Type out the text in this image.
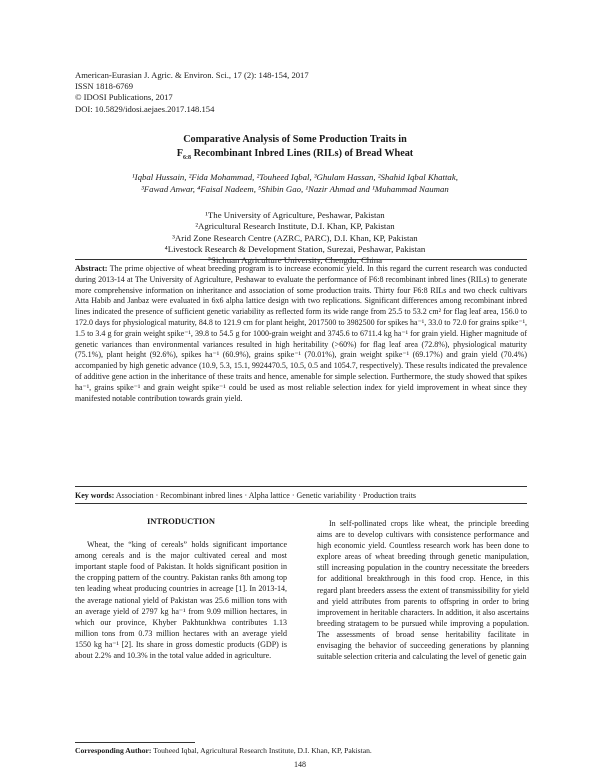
American-Eurasian J. Agric. & Environ. Sci., 17 (2): 148-154, 2017
ISSN 1818-6769
© IDOSI Publications, 2017
DOI: 10.5829/idosi.aejaes.2017.148.154
Comparative Analysis of Some Production Traits in
$F_{6:8}$ Recombinant Inbred Lines (RILs) of Bread Wheat
¹Iqbal Hussain, ²Fida Mohammad, ²Touheed Iqbal, ³Ghulam Hassan, ²Shahid Iqbal Khattak,
³Fawad Anwar, ⁴Faisal Nadeem, ⁵Shibin Gao, ¹Nazir Ahmad and ¹Muhammad Nauman
¹The University of Agriculture, Peshawar, Pakistan
²Agricultural Research Institute, D.I. Khan, KP, Pakistan
³Arid Zone Research Centre (AZRC, PARC), D.I. Khan, KP, Pakistan
⁴Livestock Research & Development Station, Surezai, Peshawar, Pakistan
⁵Sichuan Agriculture University, Chengdu, China
Abstract: The prime objective of wheat breeding program is to increase economic yield. In this regard the current research was conducted during 2013-14 at The University of Agriculture, Peshawar to evaluate the performance of F6:8 recombinant inbred lines (RILs) to generate more comprehensive information on inheritance and association of some production traits. Thirty four F6:8 RILs and two check cultivars Atta Habib and Janbaz were evaluated in 6x6 alpha lattice design with two replications. Significant differences among recombinant inbred lines indicated the presence of sufficient genetic variability as reflected form its wide range from 25.5 to 53.2 cm² for flag leaf area, 156.0 to 172.0 days for physiological maturity, 84.8 to 121.9 cm for plant height, 2017500 to 3982500 for spikes ha⁻¹, 33.0 to 72.0 for grains spike⁻¹, 1.5 to 3.4 g for grain weight spike⁻¹, 39.8 to 54.5 g for 1000-grain weight and 3745.6 to 6711.4 kg ha⁻¹ for grain yield. Higher magnitude of genetic variances than environmental variances resulted in high heritability (>60%) for flag leaf area (72.8%), physiological maturity (75.1%), plant height (92.6%), spikes ha⁻¹ (60.9%), grains spike⁻¹ (70.01%), grain weight spike⁻¹ (69.17%) and grain yield (70.4%) accompanied by high genetic advance (10.9, 5.3, 15.1, 9924470.5, 10.5, 0.5 and 1054.7, respectively). These results indicated the prevalence of additive gene action in the inheritance of these traits and hence, amenable for simple selection. Furthermore, the study showed that spikes ha⁻¹, grains spike⁻¹ and grain weight spike⁻¹ could be used as most reliable selection index for yield improvement in wheat since they manifested notable contribution towards grain yield.
Key words: Association · Recombinant inbred lines · Alpha lattice · Genetic variability · Production traits
INTRODUCTION
Wheat, the “king of cereals” holds significant importance among cereals and is the major cultivated cereal and most important staple food of Pakistan. It holds significant position in the cropping pattern of the country. Pakistan ranks 8th among top ten leading wheat producing countries in acreage [1]. In 2013-14, the average national yield of Pakistan was 25.6 million tons with an average yield of 2797 kg ha⁻¹ from 9.09 million hectares, in which our province, Khyber Pakhtunkhwa contributes 1.13 million tons from 0.73 million hectares with an average yield 1550 kg ha⁻¹ [2]. Its share in gross domestic products (GDP) is about 2.2% and 10.3% in the total value added in agriculture.
In self-pollinated crops like wheat, the principle breeding aims are to develop cultivars with consistence performance and high economic yield. Countless research work has been done to explore areas of wheat breeding through genetic manipulation, still increasing population in the country necessitate the breeders for additional breakthrough in this food crop. Hence, in this regard plant breeders assess the extent of transmissibility for yield and yield attributes from parents to offspring in order to bring improvement in heritable characters. In addition, it also ascertains breeding stratagem to be pursued while improving a population. The assessments of broad sense heritability facilitate in envisaging the behavior of succeeding generations by planning suitable selection criteria and calculating the level of genetic gain
Corresponding Author: Touheed Iqbal, Agricultural Research Institute, D.I. Khan, KP, Pakistan.
148
